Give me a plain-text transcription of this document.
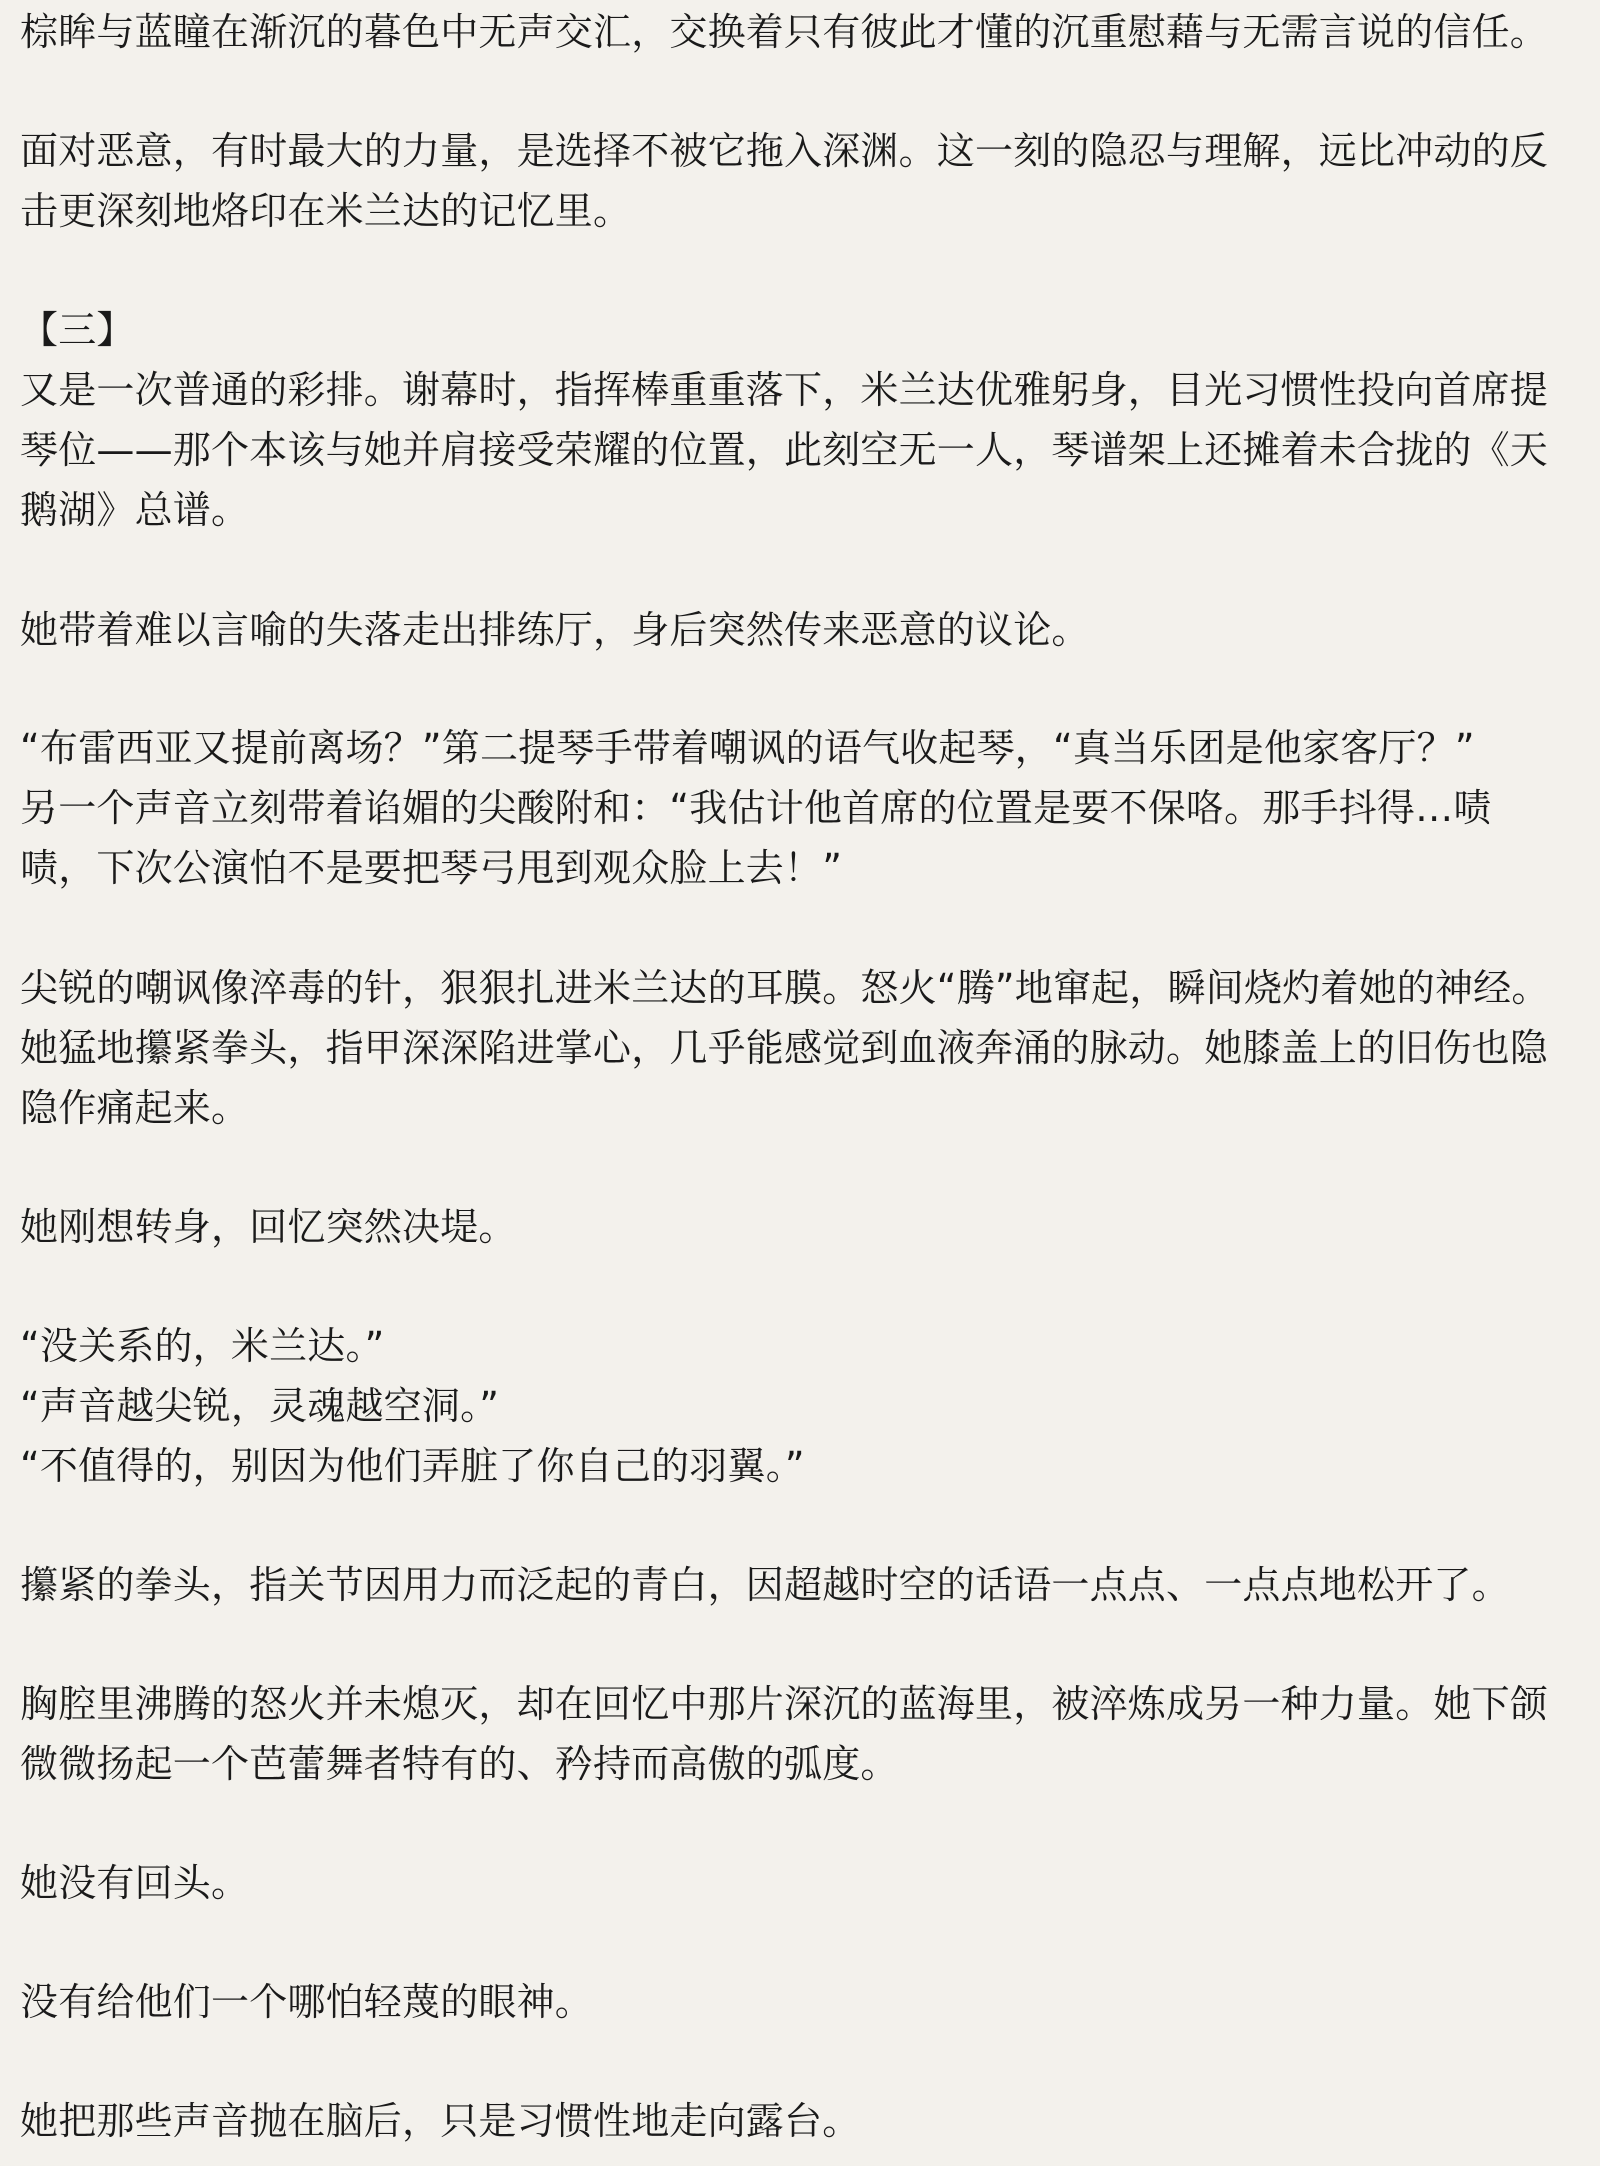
棕眸与蓝瞳在渐沉的暮色中无声交汇，交换着只有彼此才懂的沉重慰藉与无需言说的信任。
面对恶意，有时最大的力量，是选择不被它拖入深渊。这一刻的隐忍与理解，远比冲动的反
击更深刻地烙印在米兰达的记忆里。
【三】
又是一次普通的彩排。谢幕时，指挥棒重重落下，米兰达优雅躬身，目光习惯性投向首席提
琴位——那个本该与她并肩接受荣耀的位置，此刻空无一人，琴谱架上还摊着未合拢的《天
鹅湖》总谱。
她带着难以言喻的失落走出排练厅，身后突然传来恶意的议论。
“布雷西亚又提前离场？”第二提琴手带着嘲讽的语气收起琴，“真当乐团是他家客厅？”
另一个声音立刻带着谄媚的尖酸附和：“我估计他首席的位置是要不保咯。那手抖得…啧
啧，下次公演怕不是要把琴弓甩到观众脸上去！”
尖锐的嘲讽像淬毒的针，狠狠扎进米兰达的耳膜。怒火“腾”地窜起，瞬间烧灼着她的神经。
她猛地攥紧拳头，指甲深深陷进掌心，几乎能感觉到血液奔涌的脉动。她膝盖上的旧伤也隐
隐作痛起来。
她刚想转身，回忆突然决堤。
“没关系的，米兰达。”
“声音越尖锐，灵魂越空洞。”
“不值得的，别因为他们弄脏了你自己的羽翼。”
攥紧的拳头，指关节因用力而泛起的青白，因超越时空的话语一点点、一点点地松开了。
胸腔里沸腾的怒火并未熄灭，却在回忆中那片深沉的蓝海里，被淬炼成另一种力量。她下颌
微微扬起一个芭蕾舞者特有的、矜持而高傲的弧度。
她没有回头。
没有给他们一个哪怕轻蔑的眼神。
她把那些声音抛在脑后，只是习惯性地走向露台。
